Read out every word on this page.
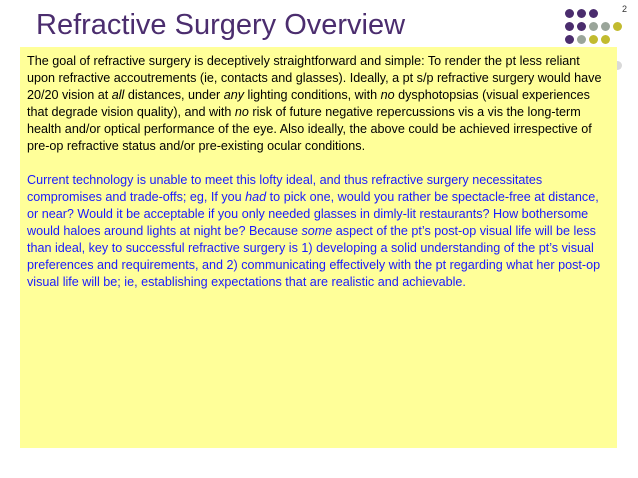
Refractive Surgery Overview	2

The goal of refractive surgery is deceptively straightforward and simple: To render the pt less reliant upon refractive accoutrements (ie, contacts and glasses). Ideally, a pt s/p refractive surgery would have 20/20 vision at all distances, under any lighting conditions, with no dysphotopsias (visual experiences that degrade vision quality), and with no risk of future negative repercussions vis a vis the long-term health and/or optical performance of the eye. Also ideally, the above could be achieved irrespective of pre-op refractive status and/or pre-existing ocular conditions.

Current technology is unable to meet this lofty ideal, and thus refractive surgery necessitates compromises and trade-offs; eg, If you had to pick one, would you rather be spectacle-free at distance, or near? Would it be acceptable if you only needed glasses in dimly-lit restaurants? How bothersome would haloes around lights at night be? Because some aspect of the pt’s post-op visual life will be less than ideal, key to successful refractive surgery is 1) developing a solid understanding of the pt’s visual preferences and requirements, and 2) communicating effectively with the pt regarding what her post-op visual life will be; ie, establishing expectations that are realistic and achievable.
